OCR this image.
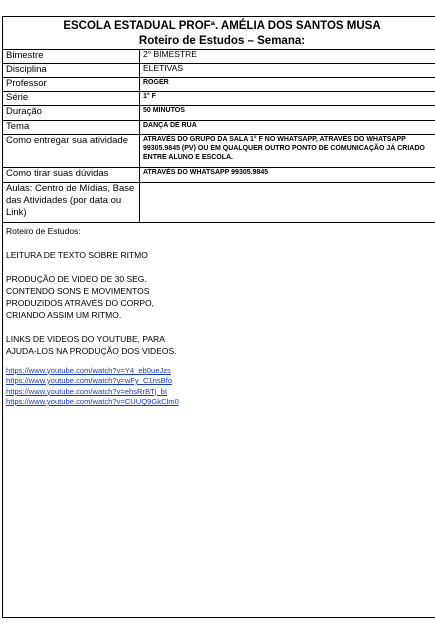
ESCOLA ESTADUAL PROFª. AMÉLIA DOS SANTOS MUSA
Roteiro de Estudos – Semana:
Bimestre	2° BIMESTRE
Disciplina	ELETIVAS
Professor	ROGER
Série	1° F
Duração	50 MINUTOS
Tema	DANÇA DE RUA
Como entregar sua atividade	ATRAVÉS DO GRUPO DA SALA 1° F NO WHATSAPP, ATRAVÉS DO WHATSAPP 99305.9845 (PV) OU EM QUALQUER OUTRO PONTO DE COMUNICAÇÃO JÁ CRIADO ENTRE ALUNO E ESCOLA.
Como tirar suas dúvidas	ATRAVÉS DO WHATSAPP 99305.9845
Aulas: Centro de Mídias, Base das Atividades (por data ou Link)	

Roteiro de Estudos:

LEITURA DE TEXTO SOBRE RITMO

PRODUÇÃO DE VIDEO DE 30 SEG.

CONTENDO SONS E MOVIMENTOS

PRODUZIDOS ATRAVÉS DO CORPO,

CRIANDO ASSIM UM RITMO.

LINKS DE VIDEOS DO YOUTUBE, PARA

AJUDA-LOS NA PRODUÇÃO DOS VIDEOS.

https://www.youtube.com/watch?v=Y4_eb0ueJzs
https://www.youtube.com/watch?v=wFy_C1nsBfo
https://www.youtube.com/watch?v=ehsRrBTj_bI
https://www.youtube.com/watch?v=CUUQ9GkClm0
